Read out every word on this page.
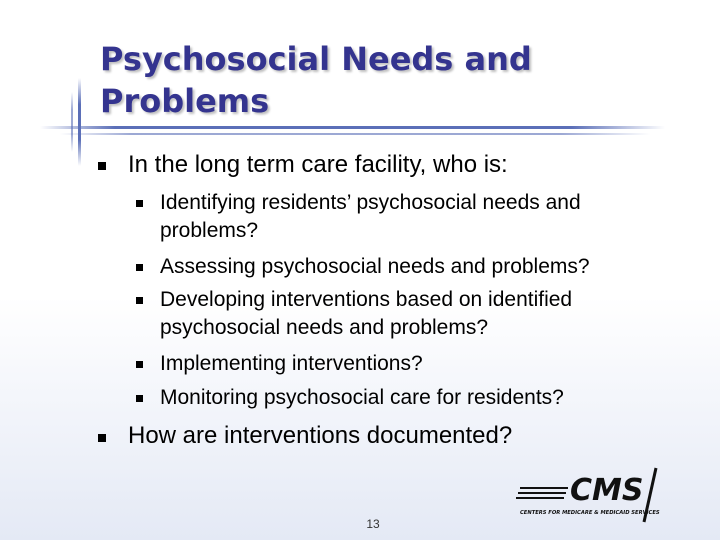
Psychosocial Needs and
Problems
In the long term care facility, who is:
Identifying residents’ psychosocial needs and
problems?
Assessing psychosocial needs and problems?
Developing interventions based on identified
psychosocial needs and problems?
Implementing interventions?
Monitoring psychosocial care for residents?
How are interventions documented?
CMS
CENTERS FOR MEDICARE & MEDICAID SERVICES
13
